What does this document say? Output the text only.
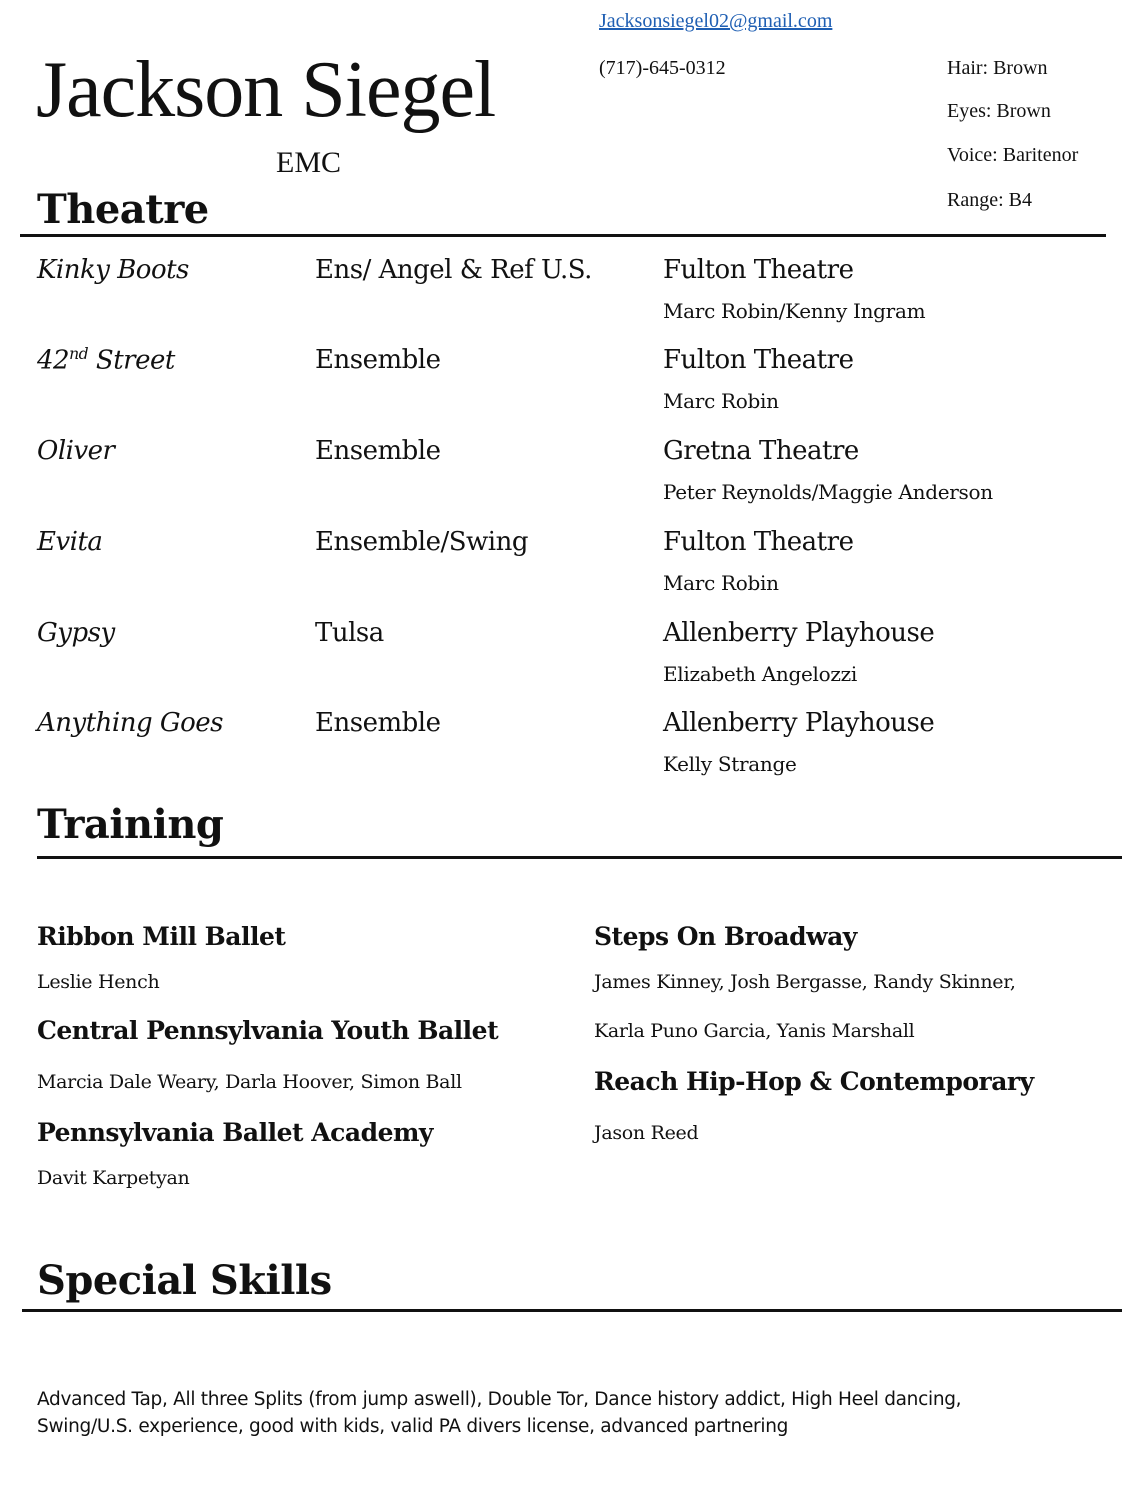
Jackson Siegel
EMC
Jacksonsiegel02@gmail.com
(717)-645-0312	Hair: Brown
Eyes: Brown
Voice: Baritenor
Range: B4
Theatre
Kinky Boots	Ens/ Angel & Ref U.S.	Fulton Theatre
Marc Robin/Kenny Ingram
42nd Street	Ensemble	Fulton Theatre
Marc Robin
Oliver	Ensemble	Gretna Theatre
Peter Reynolds/Maggie Anderson
Evita	Ensemble/Swing	Fulton Theatre
Marc Robin
Gypsy	Tulsa	Allenberry Playhouse
Elizabeth Angelozzi
Anything Goes	Ensemble	Allenberry Playhouse
Kelly Strange
Training
Ribbon Mill Ballet
Leslie Hench
Central Pennsylvania Youth Ballet
Marcia Dale Weary, Darla Hoover, Simon Ball
Pennsylvania Ballet Academy
Davit Karpetyan
Steps On Broadway
James Kinney, Josh Bergasse, Randy Skinner,
Karla Puno Garcia, Yanis Marshall
Reach Hip-Hop & Contemporary
Jason Reed
Special Skills
Advanced Tap, All three Splits (from jump aswell), Double Tor, Dance history addict, High Heel dancing, Swing/U.S. experience, good with kids, valid PA divers license, advanced partnering
